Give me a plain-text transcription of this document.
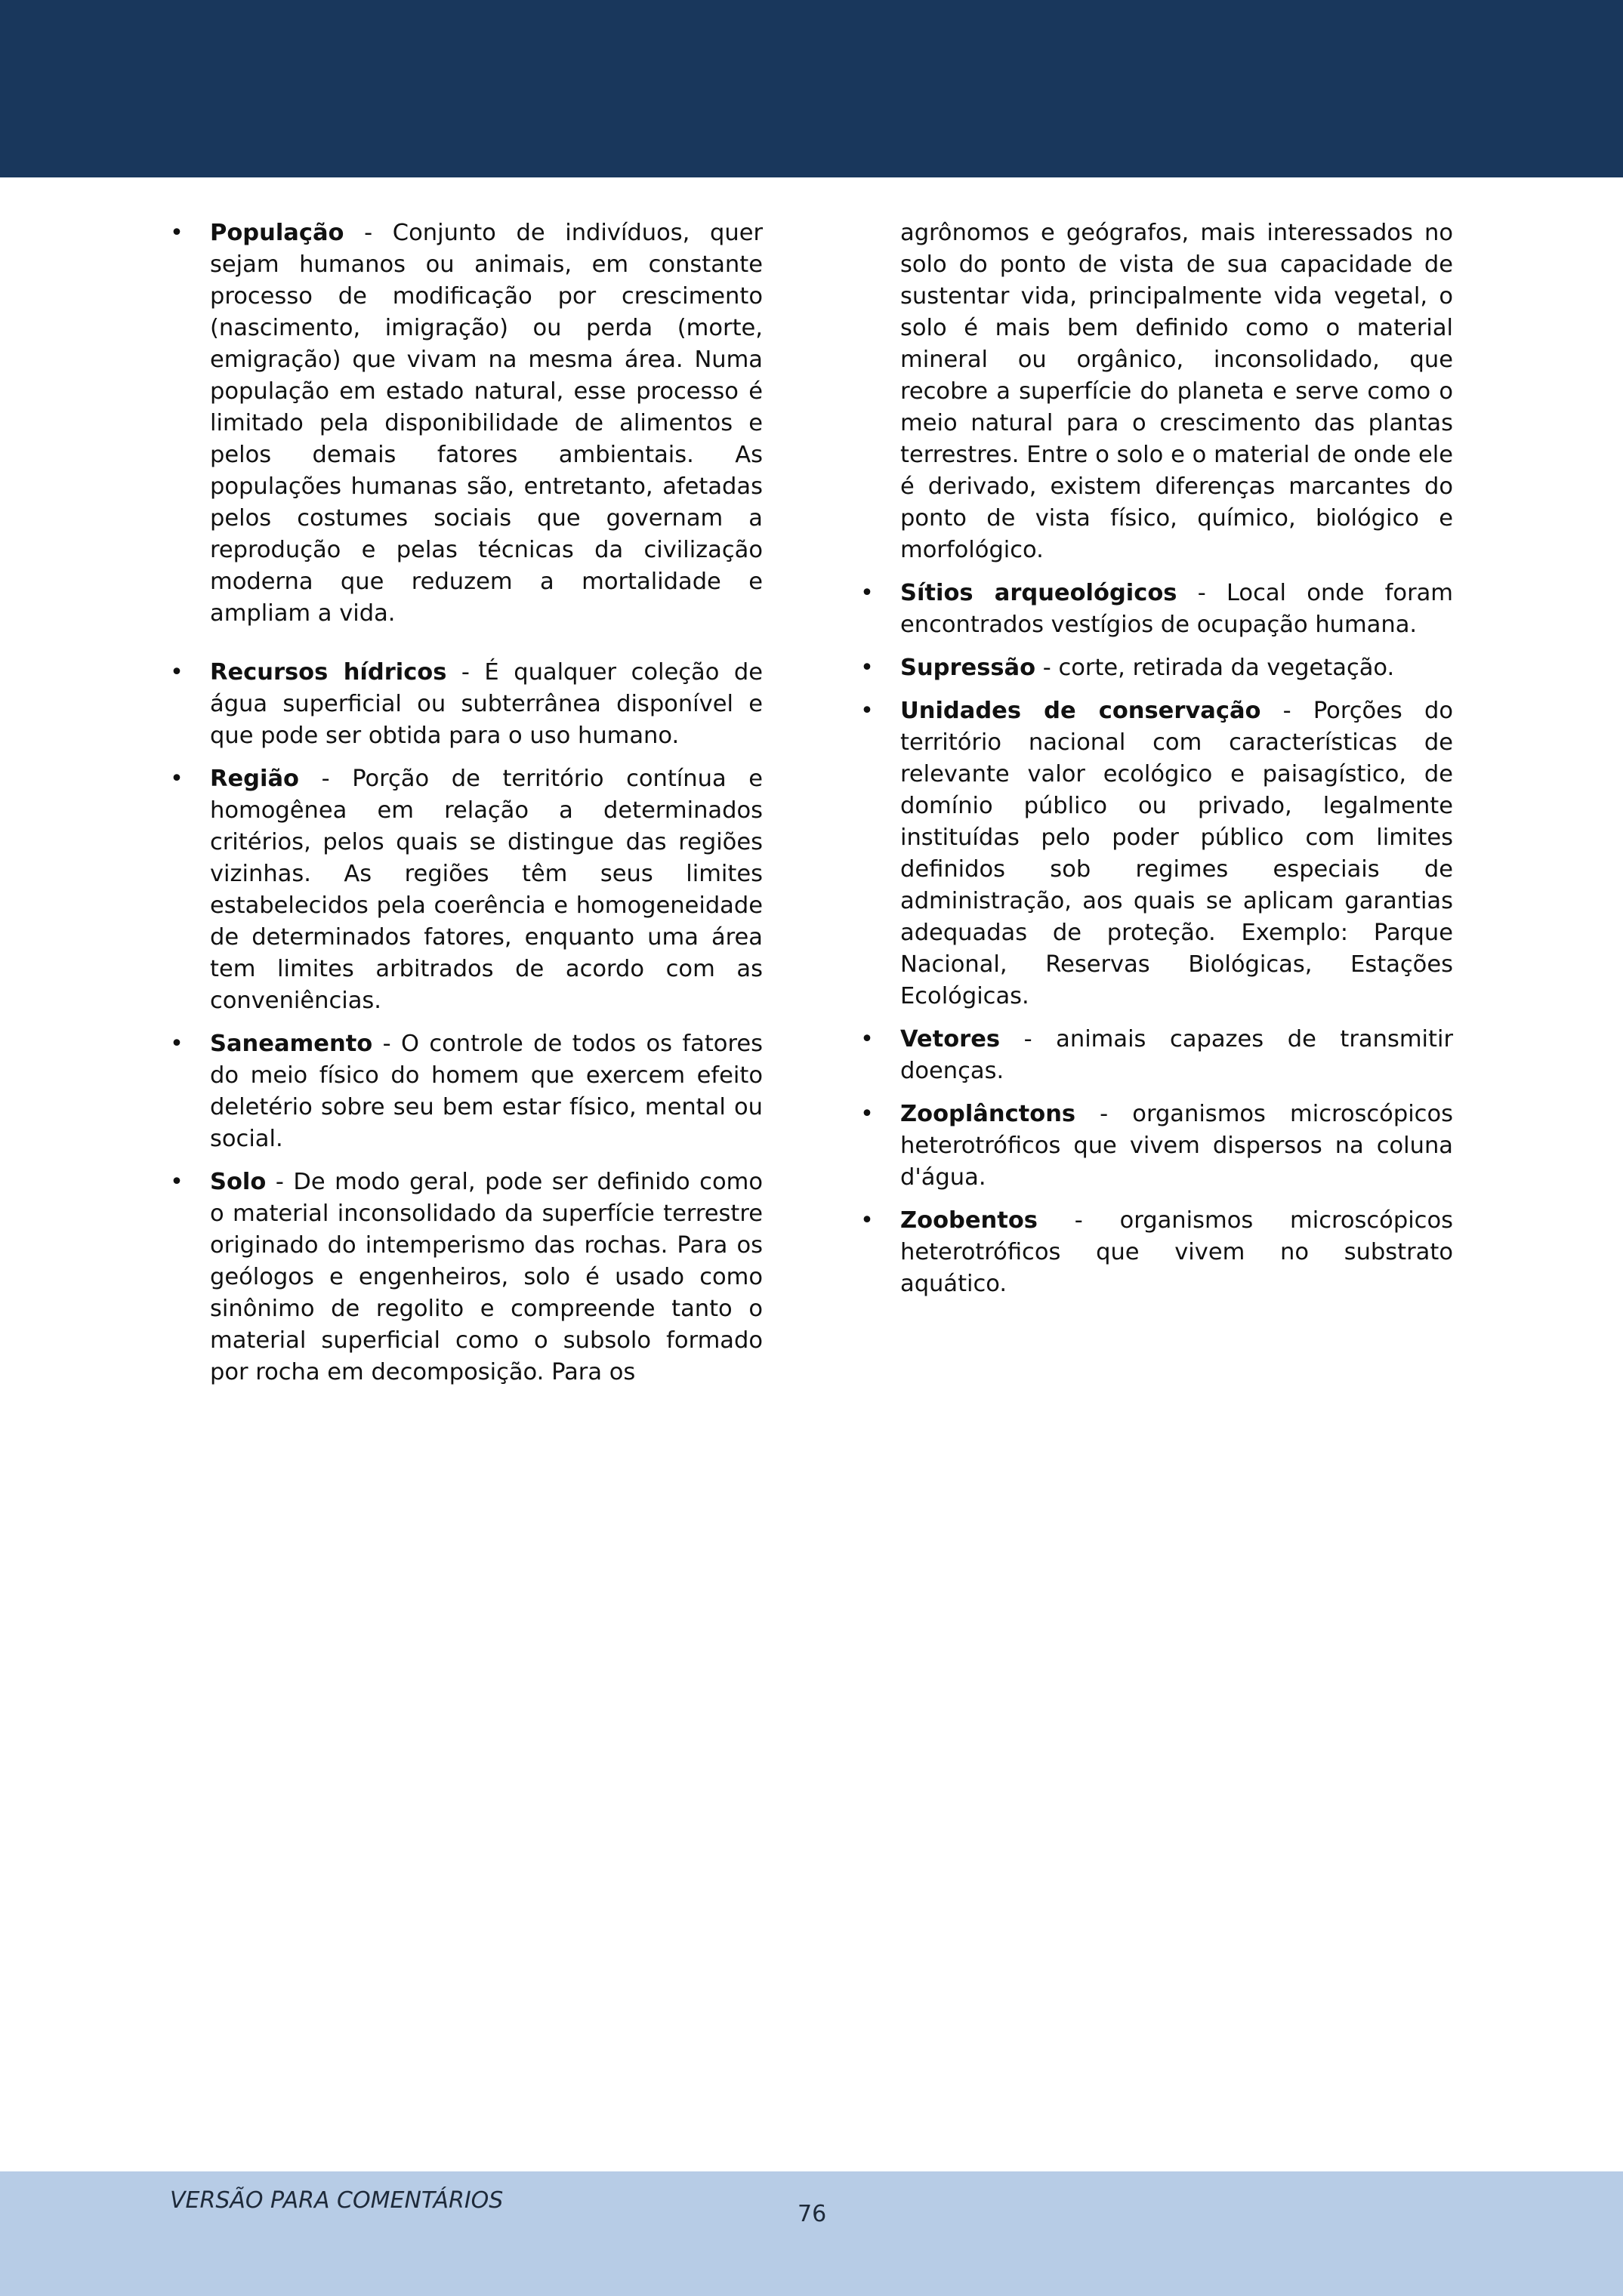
• População - Conjunto de indivíduos, quer sejam humanos ou animais, em constante processo de modificação por crescimento (nascimento, imigração) ou perda (morte, emigração) que vivam na mesma área. Numa população em estado natural, esse processo é limitado pela disponibilidade de alimentos e pelos demais fatores ambientais. As populações humanas são, entretanto, afetadas pelos costumes sociais que governam a reprodução e pelas técnicas da civilização moderna que reduzem a mortalidade e ampliam a vida.
• Recursos hídricos - É qualquer coleção de água superficial ou subterrânea disponível e que pode ser obtida para o uso humano.
• Região - Porção de território contínua e homogênea em relação a determinados critérios, pelos quais se distingue das regiões vizinhas. As regiões têm seus limites estabelecidos pela coerência e homogeneidade de determinados fatores, enquanto uma área tem limites arbitrados de acordo com as conveniências.
• Saneamento - O controle de todos os fatores do meio físico do homem que exercem efeito deletério sobre seu bem estar físico, mental ou social.
• Solo - De modo geral, pode ser definido como o material inconsolidado da superfície terrestre originado do intemperismo das rochas. Para os geólogos e engenheiros, solo é usado como sinônimo de regolito e compreende tanto o material superficial como o subsolo formado por rocha em decomposição. Para os
agrônomos e geógrafos, mais interessados no solo do ponto de vista de sua capacidade de sustentar vida, principalmente vida vegetal, o solo é mais bem definido como o material mineral ou orgânico, inconsolidado, que recobre a superfície do planeta e serve como o meio natural para o crescimento das plantas terrestres. Entre o solo e o material de onde ele é derivado, existem diferenças marcantes do ponto de vista físico, químico, biológico e morfológico.
• Sítios arqueológicos - Local onde foram encontrados vestígios de ocupação humana.
• Supressão - corte, retirada da vegetação.
• Unidades de conservação - Porções do território nacional com características de relevante valor ecológico e paisagístico, de domínio público ou privado, legalmente instituídas pelo poder público com limites definidos sob regimes especiais de administração, aos quais se aplicam garantias adequadas de proteção. Exemplo: Parque Nacional, Reservas Biológicas, Estações Ecológicas.
• Vetores - animais capazes de transmitir doenças.
• Zooplânctons - organismos microscópicos heterotróficos que vivem dispersos na coluna d'água.
• Zoobentos - organismos microscópicos heterotróficos que vivem no substrato aquático.
VERSÃO PARA COMENTÁRIOS
76
